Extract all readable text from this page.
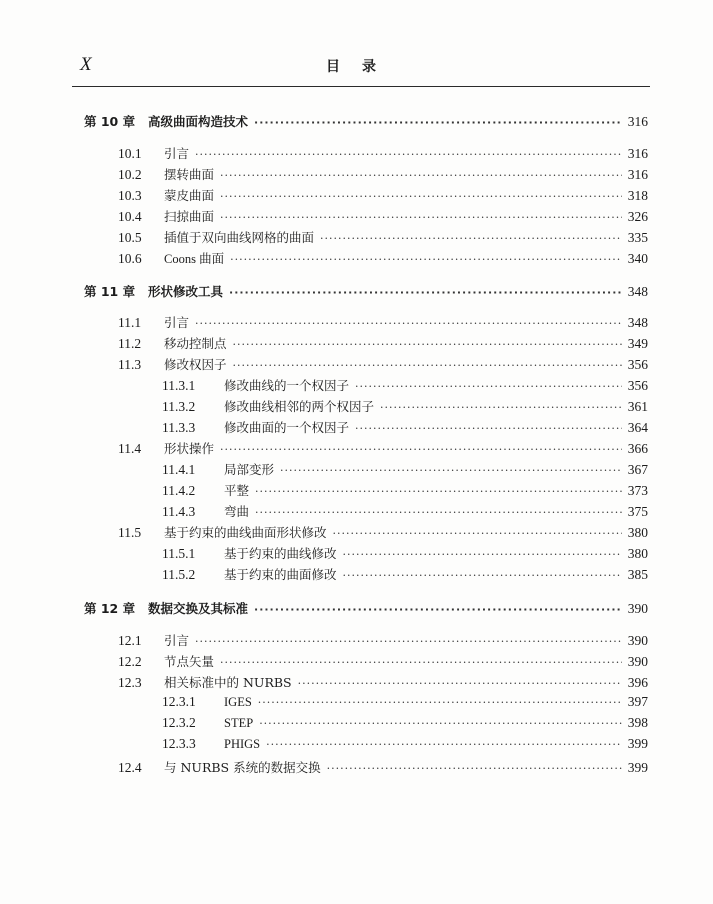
X	目录
第 10 章	高级曲面构造技术 ·····	316
10.1	引言 ·····	316
10.2	摆转曲面 ·····	316
10.3	蒙皮曲面 ·····	318
10.4	扫掠曲面 ·····	326
10.5	插值于双向曲线网格的曲面 ·····	335
10.6	Coons 曲面 ·····	340
第 11 章	形状修改工具 ·····	348
11.1	引言 ·····	348
11.2	移动控制点 ·····	349
11.3	修改权因子 ·····	356
11.3.1	修改曲线的一个权因子 ·····	356
11.3.2	修改曲线相邻的两个权因子 ·····	361
11.3.3	修改曲面的一个权因子 ·····	364
11.4	形状操作 ·····	366
11.4.1	局部变形 ·····	367
11.4.2	平整 ·····	373
11.4.3	弯曲 ·····	375
11.5	基于约束的曲线曲面形状修改 ·····	380
11.5.1	基于约束的曲线修改 ·····	380
11.5.2	基于约束的曲面修改 ·····	385
第 12 章	数据交换及其标准 ·····	390
12.1	引言 ·····	390
12.2	节点矢量 ·····	390
12.3	相关标准中的 NURBS ·····	396
12.3.1	IGES ·····	397
12.3.2	STEP ·····	398
12.3.3	PHIGS ·····	399
12.4	与 NURBS 系统的数据交换 ·····	399
